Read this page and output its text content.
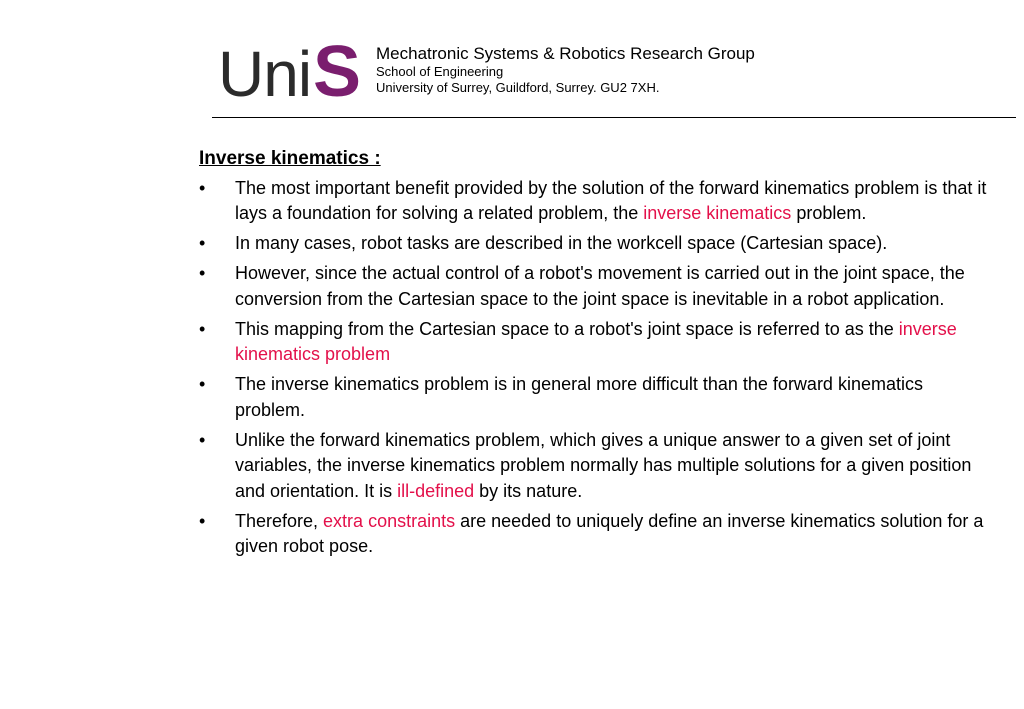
Uni S Mechatronic Systems & Robotics Research Group
School of Engineering
University of Surrey, Guildford, Surrey. GU2 7XH.
Inverse kinematics :
•	The most important benefit provided by the solution of the forward kinematics problem is that it lays a foundation for solving a related problem, the inverse kinematics problem.
•	In many cases, robot tasks are described in the workcell space (Cartesian space).
•	However, since the actual control of a robot's movement is carried out in the joint space, the conversion from the Cartesian space to the joint space is inevitable in a robot application.
•	This mapping from the Cartesian space to a robot's joint space is referred to as the inverse kinematics problem
•	The inverse kinematics problem is in general more difficult than the forward kinematics problem.
•	Unlike the forward kinematics problem, which gives a unique answer to a given set of joint variables, the inverse kinematics problem normally has multiple solutions for a given position and orientation. It is ill-defined by its nature.
•	Therefore, extra constraints are needed to uniquely define an inverse kinematics solution for a given robot pose.
